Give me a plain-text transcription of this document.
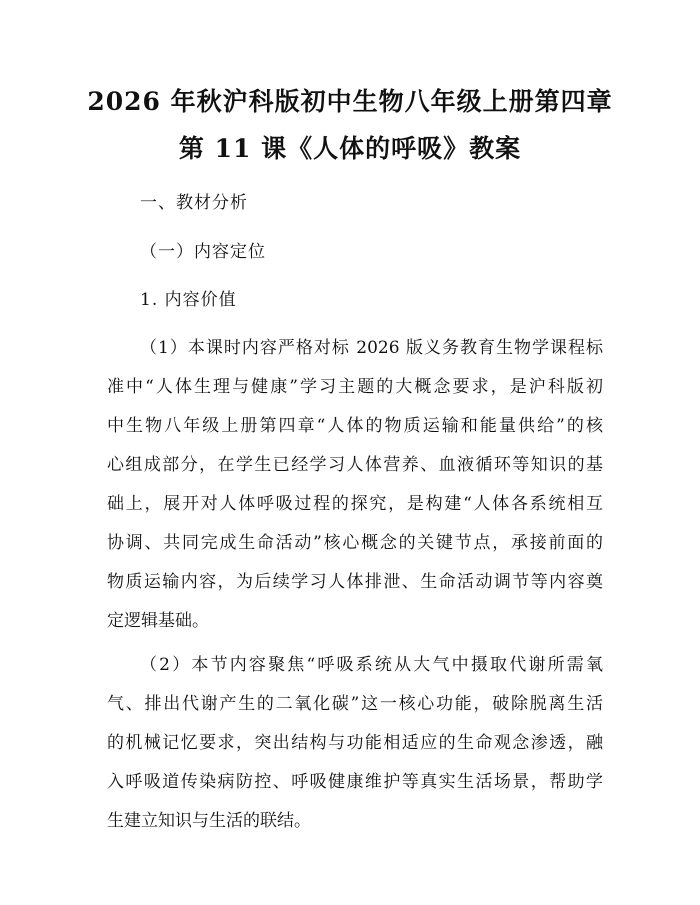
2026 年秋沪科版初中生物八年级上册第四章
第 11 课《人体的呼吸》教案

一、教材分析

（一）内容定位

1. 内容价值

（1）本课时内容严格对标 2026 版义务教育生物学课程标

准中“人体生理与健康”学习主题的大概念要求，是沪科版初

中生物八年级上册第四章“人体的物质运输和能量供给”的核

心组成部分，在学生已经学习人体营养、血液循环等知识的基

础上，展开对人体呼吸过程的探究，是构建“人体各系统相互

协调、共同完成生命活动”核心概念的关键节点，承接前面的

物质运输内容，为后续学习人体排泄、生命活动调节等内容奠

定逻辑基础。

（2）本节内容聚焦“呼吸系统从大气中摄取代谢所需氧

气、排出代谢产生的二氧化碳”这一核心功能，破除脱离生活

的机械记忆要求，突出结构与功能相适应的生命观念渗透，融

入呼吸道传染病防控、呼吸健康维护等真实生活场景，帮助学

生建立知识与生活的联结。
